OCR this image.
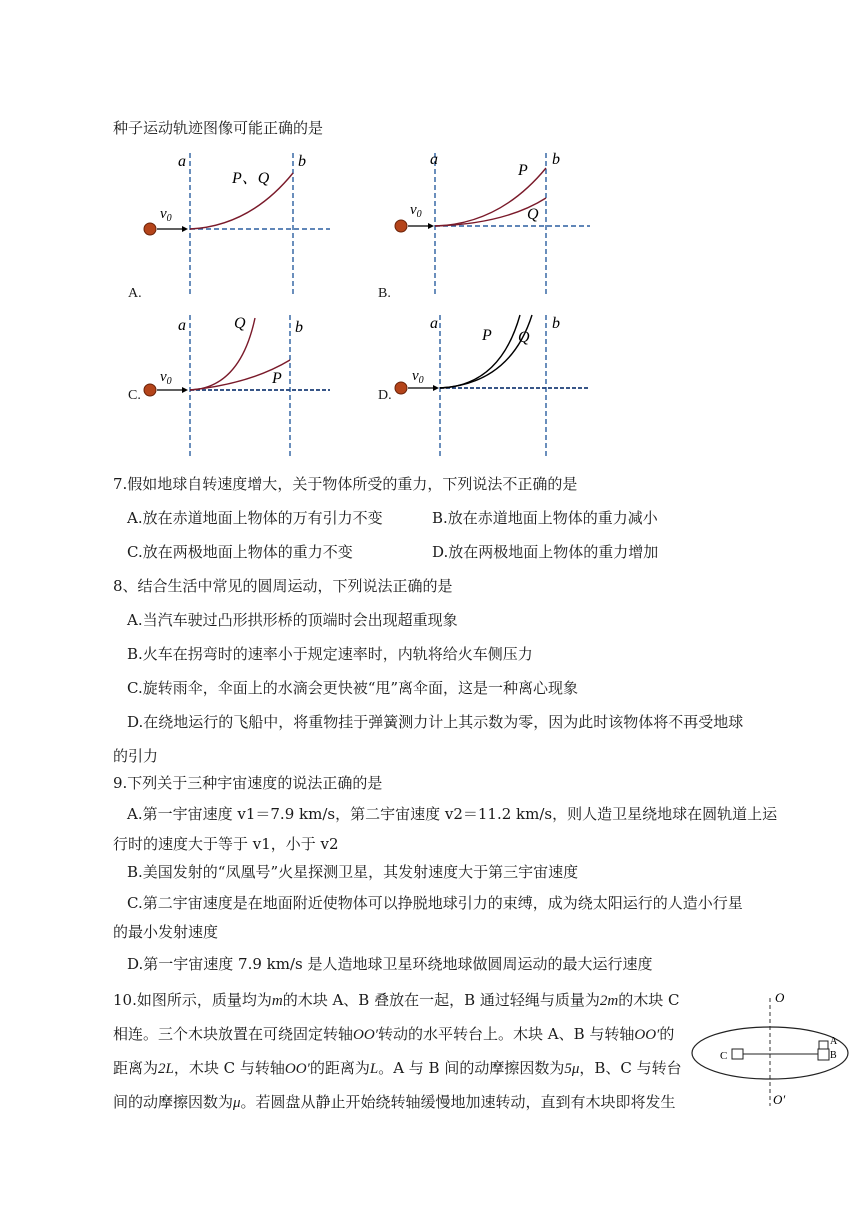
种子运动轨迹图像可能正确的是
a	b
P、Q
$v_0$
A.
a	b
P
Q
$v_0$
B.
a	b
Q
P
$v_0$
C.
a	b
P Q
$v_0$
D.
7.假如地球自转速度增大，关于物体所受的重力，下列说法不正确的是
A.放在赤道地面上物体的万有引力不变	B.放在赤道地面上物体的重力减小
C.放在两极地面上物体的重力不变	D.放在两极地面上物体的重力增加
8、结合生活中常见的圆周运动，下列说法正确的是
A.当汽车驶过凸形拱形桥的顶端时会出现超重现象
B.火车在拐弯时的速率小于规定速率时，内轨将给火车侧压力
C.旋转雨伞，伞面上的水滴会更快被“甩”离伞面，这是一种离心现象
D.在绕地运行的飞船中，将重物挂于弹簧测力计上其示数为零，因为此时该物体将不再受地球
的引力
9.下列关于三种宇宙速度的说法正确的是
A.第一宇宙速度 v1＝7.9 km/s，第二宇宙速度 v2＝11.2 km/s，则人造卫星绕地球在圆轨道上运
行时的速度大于等于 v1，小于 v2
B.美国发射的“凤凰号”火星探测卫星，其发射速度大于第三宇宙速度
C.第二宇宙速度是在地面附近使物体可以挣脱地球引力的束缚，成为绕太阳运行的人造小行星
的最小发射速度
D.第一宇宙速度 7.9 km/s 是人造地球卫星环绕地球做圆周运动的最大运行速度
10.如图所示，质量均为m的木块 A、B 叠放在一起，B 通过轻绳与质量为2m的木块 C
相连。三个木块放置在可绕固定转轴OO′转动的水平转台上。木块 A、B 与转轴OO′的
距离为2L，木块 C 与转轴OO′的距离为L。A 与 B 间的动摩擦因数为5μ，B、C 与转台
间的动摩擦因数为μ。若圆盘从静止开始绕转轴缓慢地加速转动，直到有木块即将发生
O
O′
C
A
B
